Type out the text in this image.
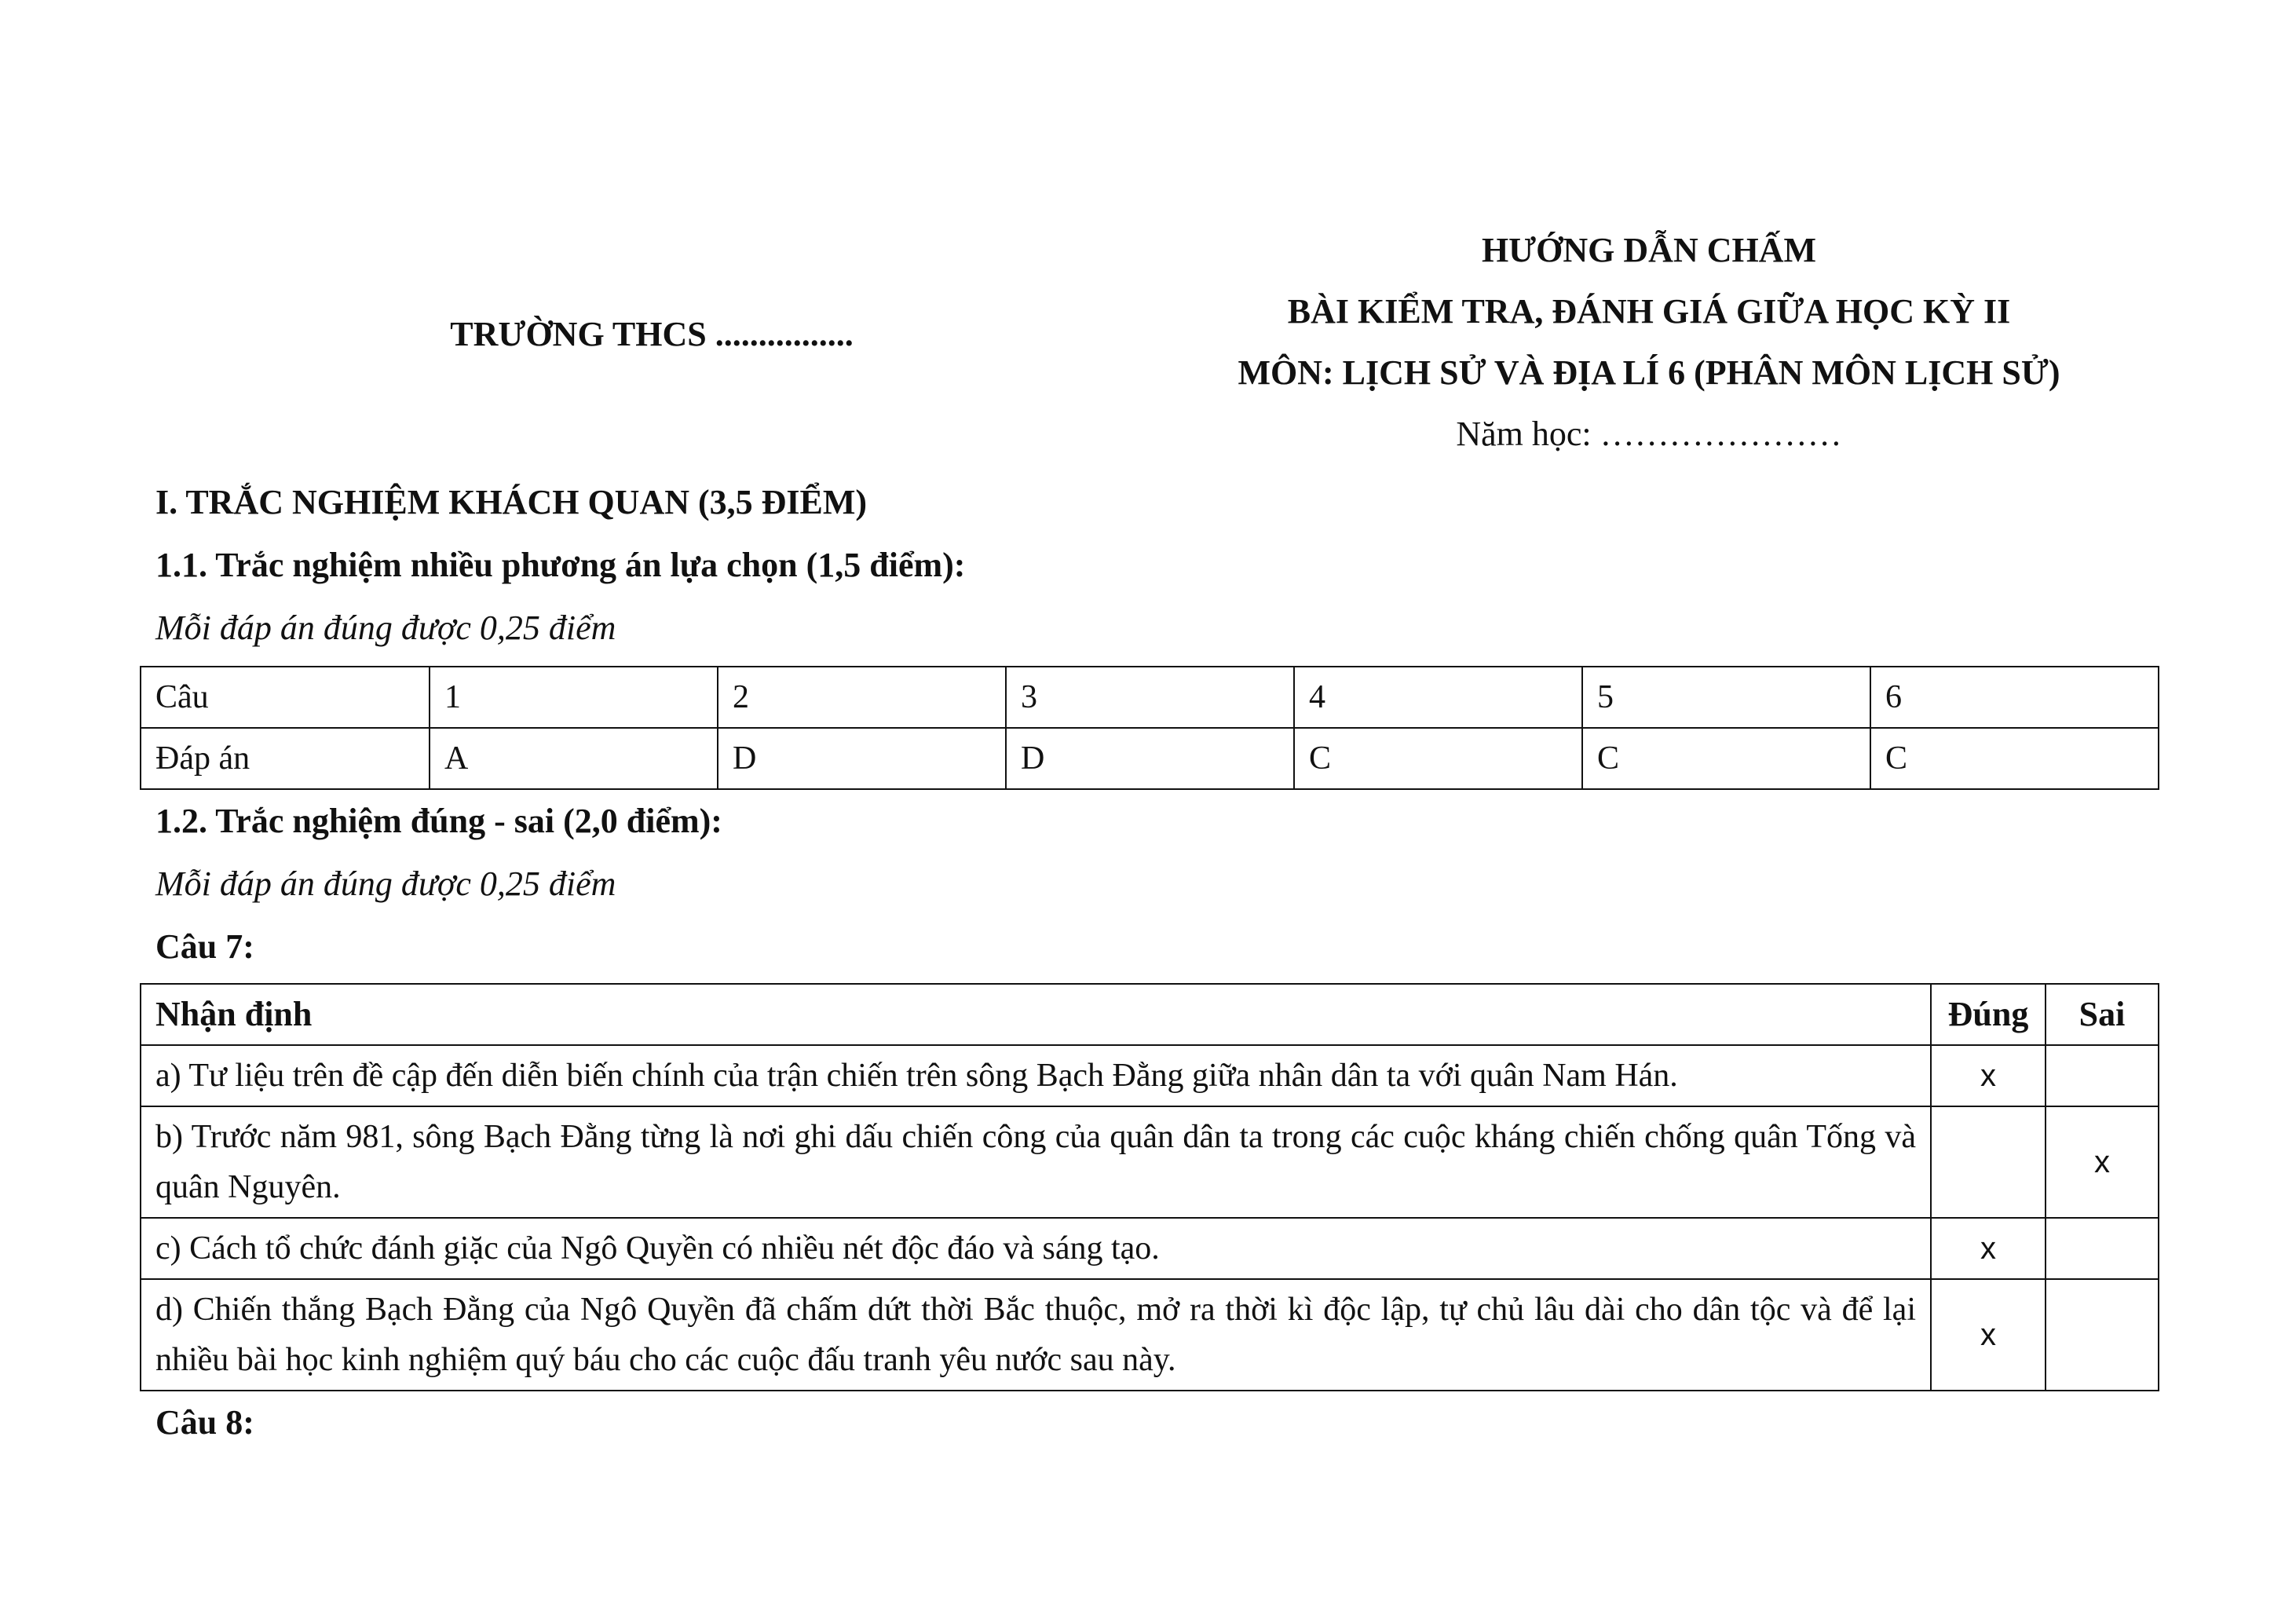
TRƯỜNG THCS ................
HƯỚNG DẪN CHẤM
BÀI KIỂM TRA, ĐÁNH GIÁ GIỮA HỌC KỲ II
MÔN: LỊCH SỬ VÀ ĐỊA LÍ 6 (PHÂN MÔN LỊCH SỬ)
Năm học: …………………
I. TRẮC NGHIỆM KHÁCH QUAN (3,5 ĐIỂM)
1.1. Trắc nghiệm nhiều phương án lựa chọn (1,5 điểm):
Mỗi đáp án đúng được 0,25 điểm
Câu	1	2	3	4	5	6
Đáp án	A	D	D	C	C	C
1.2. Trắc nghiệm đúng - sai (2,0 điểm):
Mỗi đáp án đúng được 0,25 điểm
Câu 7:
Nhận định	Đúng	Sai
a) Tư liệu trên đề cập đến diễn biến chính của trận chiến trên sông Bạch Đằng giữa nhân dân ta với quân Nam Hán.	x	
b) Trước năm 981, sông Bạch Đằng từng là nơi ghi dấu chiến công của quân dân ta trong các cuộc kháng chiến chống quân Tống và quân Nguyên.		x
c) Cách tổ chức đánh giặc của Ngô Quyền có nhiều nét độc đáo và sáng tạo.	x	
d) Chiến thắng Bạch Đằng của Ngô Quyền đã chấm dứt thời Bắc thuộc, mở ra thời kì độc lập, tự chủ lâu dài cho dân tộc và để lại nhiều bài học kinh nghiệm quý báu cho các cuộc đấu tranh yêu nước sau này.	x	
Câu 8:
